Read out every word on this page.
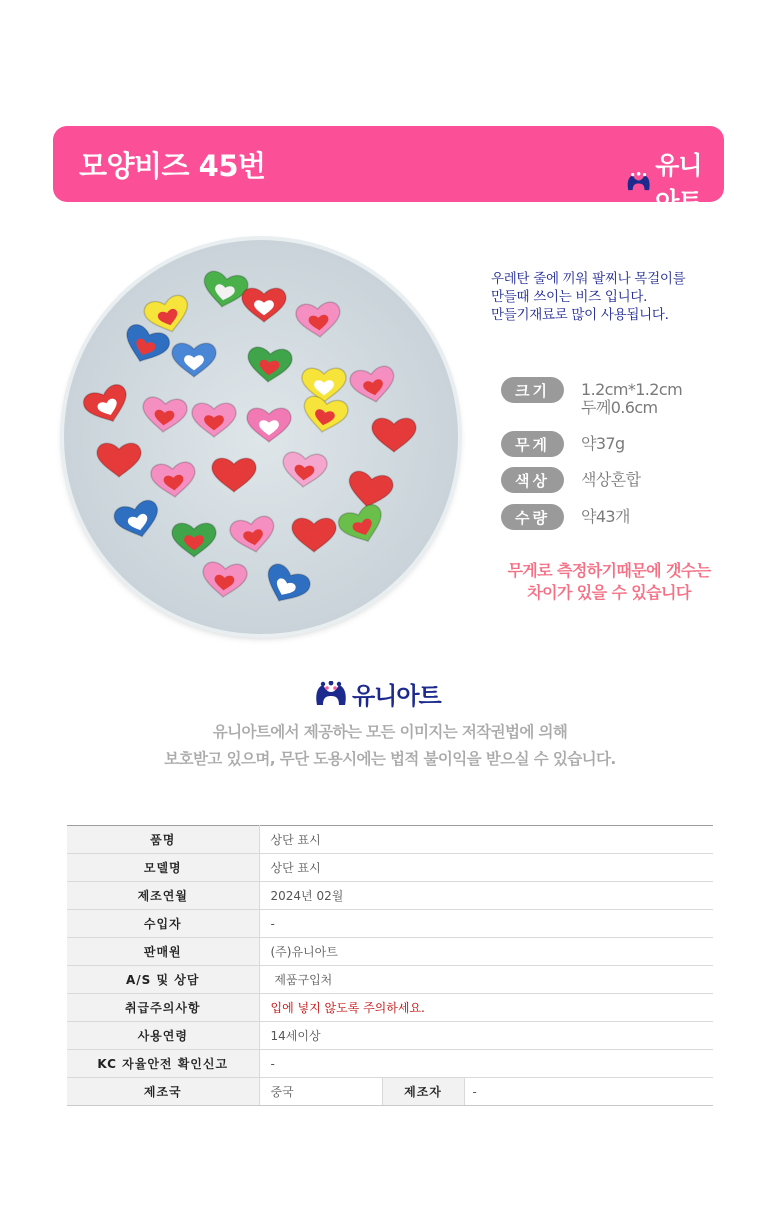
모양비즈 45번	유니아트
우레탄 줄에 끼워 팔찌나 목걸이를
만들때 쓰이는 비즈 입니다.
만들기재료로 많이 사용됩니다.
크기	1.2cm*1.2cm
두께0.6cm
무게	약37g
색상	색상혼합
수량	약43개
무게로 측정하기때문에 갯수는
차이가 있을 수 있습니다
유니아트
유니아트에서 제공하는 모든 이미지는 저작권법에 의해
보호받고 있으며, 무단 도용시에는 법적 불이익을 받으실 수 있습니다.
품명	상단 표시		
모델명	상단 표시		
제조연월	2024년 02월		
수입자	-		
판매원	(주)유니아트		
A/S 및 상담	제품구입처		
취급주의사항	입에 넣지 않도록 주의하세요.		
사용연령	14세이상		
KC 자율안전 확인신고	-		
제조국	중국	제조자	-
